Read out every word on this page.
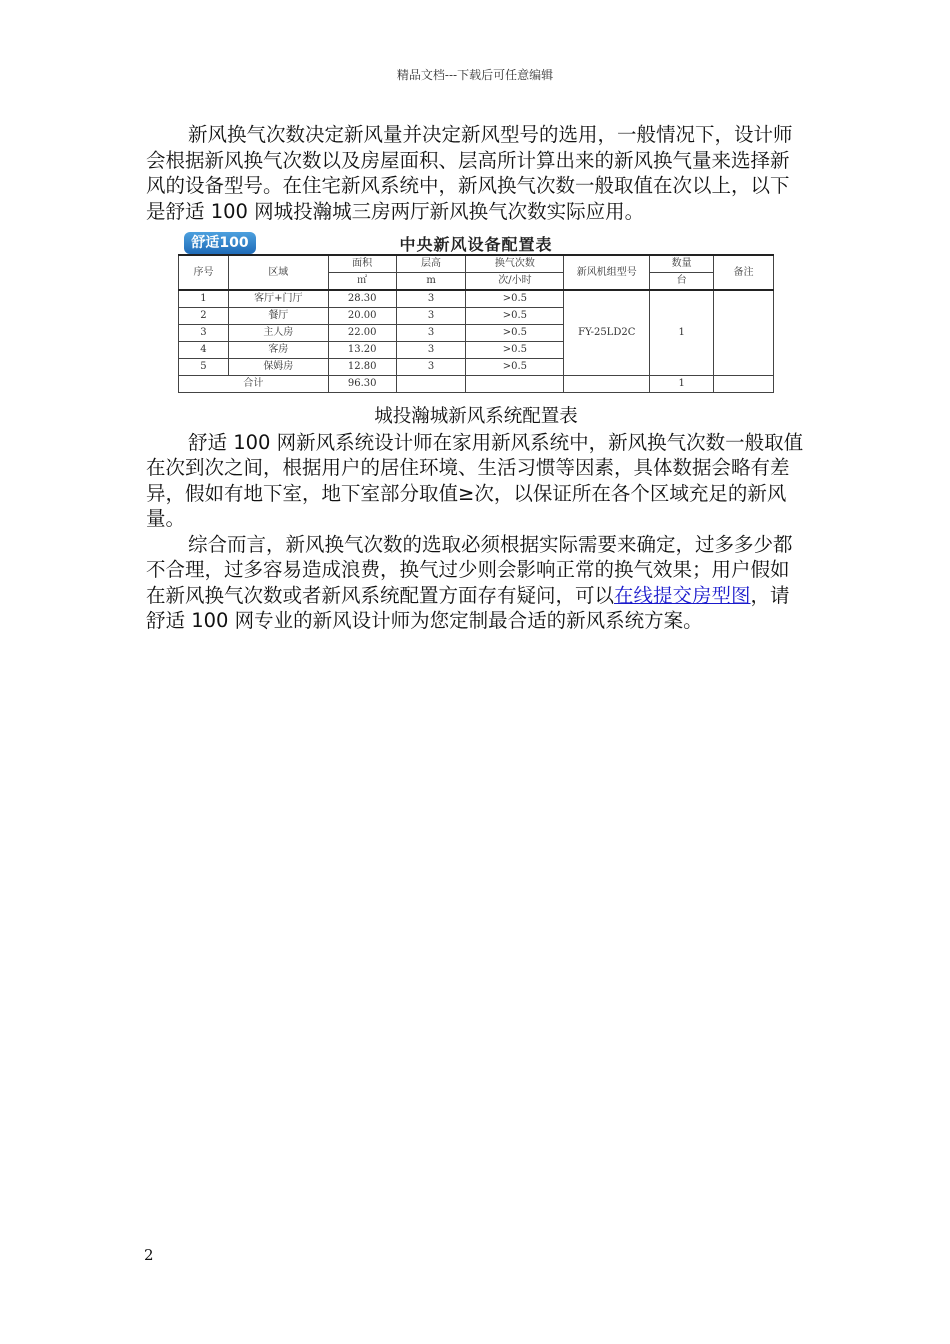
精品文档---下载后可任意编辑

新风换气次数决定新风量并决定新风型号的选用，一般情况下，设计师会根据新风换气次数以及房屋面积、层高所计算出来的新风换气量来选择新风的设备型号。在住宅新风系统中，新风换气次数一般取值在次以上，以下是舒适 100 网城投瀚城三房两厅新风换气次数实际应用。

舒适100	中央新风设备配置表
序号	区域	面积	层高	换气次数	新风机组型号	数量	备注
		㎡	m	次/小时		台	
1	客厅+门厅	28.30	3	>0.5	FY-25LD2C	1	
2	餐厅	20.00	3	>0.5			
3	主人房	22.00	3	>0.5			
4	客房	13.20	3	>0.5			
5	保姆房	12.80	3	>0.5			
合计		96.30				1	
城投瀚城新风系统配置表

舒适 100 网新风系统设计师在家用新风系统中，新风换气次数一般取值在次到次之间，根据用户的居住环境、生活习惯等因素，具体数据会略有差异，假如有地下室，地下室部分取值≥次，以保证所在各个区域充足的新风量。

综合而言，新风换气次数的选取必须根据实际需要来确定，过多多少都不合理，过多容易造成浪费，换气过少则会影响正常的换气效果；用户假如在新风换气次数或者新风系统配置方面存有疑问，可以在线提交房型图，请舒适 100 网专业的新风设计师为您定制最合适的新风系统方案。

2
